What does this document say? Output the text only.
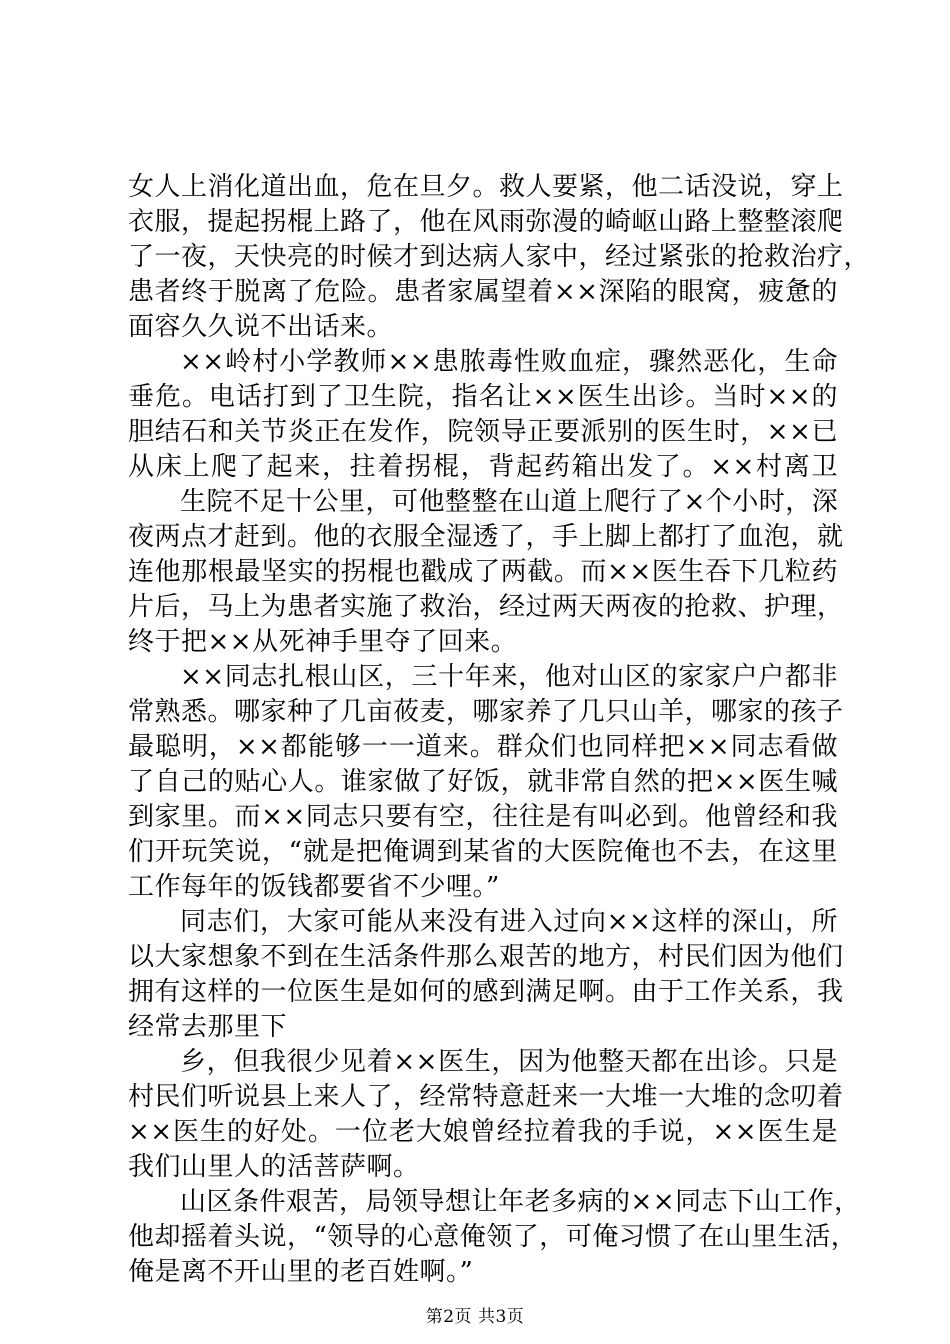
女人上消化道出血，危在旦夕。救人要紧，他二话没说，穿上
衣服，提起拐棍上路了，他在风雨弥漫的崎岖山路上整整滚爬
了一夜，天快亮的时候才到达病人家中，经过紧张的抢救治疗，
患者终于脱离了危险。患者家属望着××深陷的眼窝，疲惫的
面容久久说不出话来。

××岭村小学教师××患脓毒性败血症，骤然恶化，生命
垂危。电话打到了卫生院，指名让××医生出诊。当时××的
胆结石和关节炎正在发作，院领导正要派别的医生时，××已
从床上爬了起来，拄着拐棍，背起药箱出发了。××村离卫

生院不足十公里，可他整整在山道上爬行了×个小时，深
夜两点才赶到。他的衣服全湿透了，手上脚上都打了血泡，就
连他那根最坚实的拐棍也戳成了两截。而××医生吞下几粒药
片后，马上为患者实施了救治，经过两天两夜的抢救、护理，
终于把××从死神手里夺了回来。

××同志扎根山区，三十年来，他对山区的家家户户都非
常熟悉。哪家种了几亩莜麦，哪家养了几只山羊，哪家的孩子
最聪明，××都能够一一道来。群众们也同样把××同志看做
了自己的贴心人。谁家做了好饭，就非常自然的把××医生喊
到家里。而××同志只要有空，往往是有叫必到。他曾经和我
们开玩笑说，“就是把俺调到某省的大医院俺也不去，在这里
工作每年的饭钱都要省不少哩。”

同志们，大家可能从来没有进入过向××这样的深山，所
以大家想象不到在生活条件那么艰苦的地方，村民们因为他们
拥有这样的一位医生是如何的感到满足啊。由于工作关系，我
经常去那里下

乡，但我很少见着××医生，因为他整天都在出诊。只是
村民们听说县上来人了，经常特意赶来一大堆一大堆的念叨着
××医生的好处。一位老大娘曾经拉着我的手说，××医生是
我们山里人的活菩萨啊。

山区条件艰苦，局领导想让年老多病的××同志下山工作，
他却摇着头说，“领导的心意俺领了，可俺习惯了在山里生活，
俺是离不开山里的老百姓啊。”

第2页 共3页
